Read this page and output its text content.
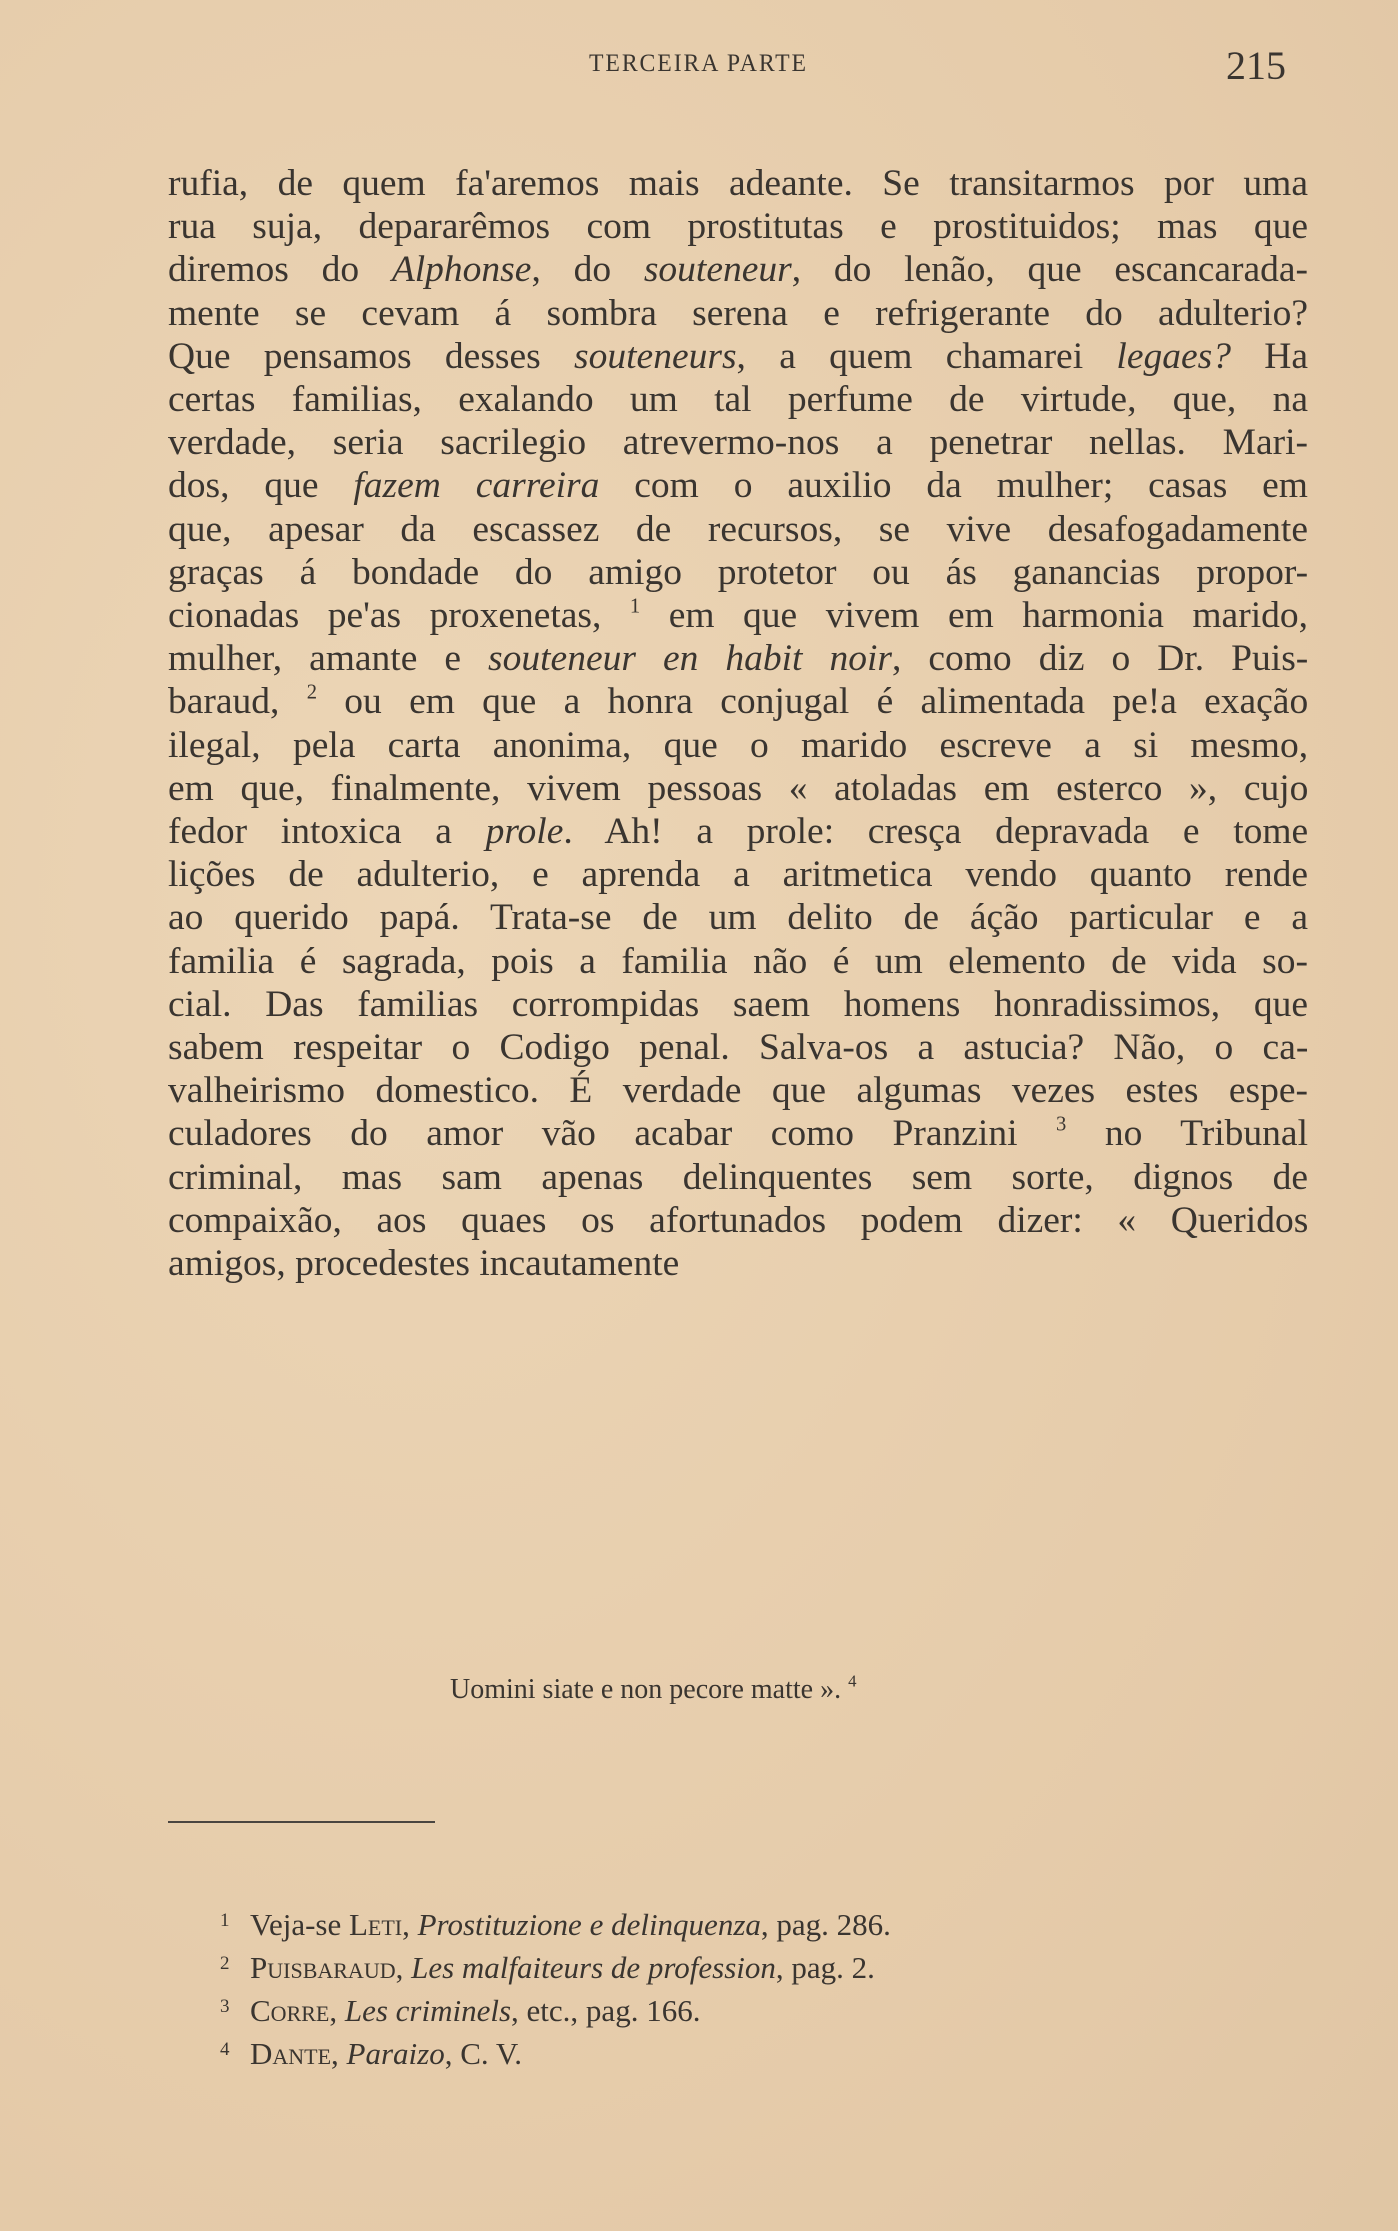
TERCEIRA PARTE	215
rufia, de quem fa'aremos mais adeante. Se transitarmos por uma
rua suja, depararêmos com prostitutas e prostituidos; mas que
diremos do Alphonse, do souteneur, do lenão, que escancarada-
mente se cevam á sombra serena e refrigerante do adulterio?
Que pensamos desses souteneurs, a quem chamarei legaes? Ha
certas familias, exalando um tal perfume de virtude, que, na
verdade, seria sacrilegio atrevermo-nos a penetrar nellas. Mari-
dos, que fazem carreira com o auxilio da mulher; casas em
que, apesar da escassez de recursos, se vive desafogadamente
graças á bondade do amigo protetor ou ás ganancias propor-
cionadas pe'as proxenetas, $^1$ em que vivem em harmonia marido,
mulher, amante e souteneur en habit noir, como diz o Dr. Puis-
baraud, $^2$ ou em que a honra conjugal é alimentada pe!a exação
ilegal, pela carta anonima, que o marido escreve a si mesmo,
em que, finalmente, vivem pessoas « atoladas em esterco », cujo
fedor intoxica a prole. Ah! a prole: cresça depravada e tome
lições de adulterio, e aprenda a aritmetica vendo quanto rende
ao querido papá. Trata-se de um delito de áção particular e a
familia é sagrada, pois a familia não é um elemento de vida so-
cial. Das familias corrompidas saem homens honradissimos, que
sabem respeitar o Codigo penal. Salva-os a astucia? Não, o ca-
valheirismo domestico. É verdade que algumas vezes estes espe-
culadores do amor vão acabar como Pranzini $^3$ no Tribunal
criminal, mas sam apenas delinquentes sem sorte, dignos de
compaixão, aos quaes os afortunados podem dizer: « Queridos
amigos, procedestes incautamente
Uomini siate e non pecore matte ». $^4$
1 Veja-se Leti, Prostituzione e delinquenza, pag. 286.
2 Puisbaraud, Les malfaiteurs de profession, pag. 2.
3 Corre, Les criminels, etc., pag. 166.
4 Dante, Paraizo, C. V.
